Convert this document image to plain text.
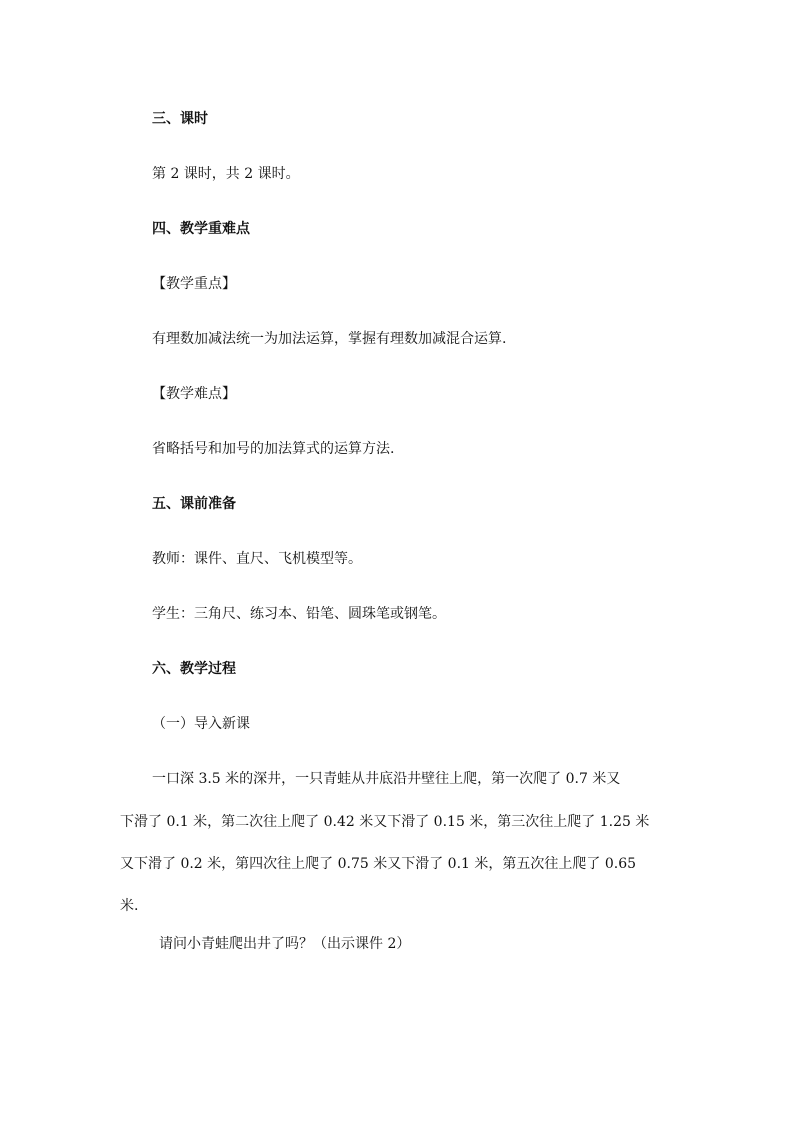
三、课时
第 2 课时，共 2 课时。
四、教学重难点
【教学重点】
有理数加减法统一为加法运算，掌握有理数加减混合运算.
【教学难点】
省略括号和加号的加法算式的运算方法.
五、课前准备
教师：课件、直尺、飞机模型等。
学生：三角尺、练习本、铅笔、圆珠笔或钢笔。
六、教学过程
（一）导入新课
一口深 3.5 米的深井，一只青蛙从井底沿井壁往上爬，第一次爬了 0.7 米又
下滑了 0.1 米，第二次往上爬了 0.42 米又下滑了 0.15 米，第三次往上爬了 1.25 米
又下滑了 0.2 米，第四次往上爬了 0.75 米又下滑了 0.1 米，第五次往上爬了 0.65
米.
请问小青蛙爬出井了吗？（出示课件 2）
